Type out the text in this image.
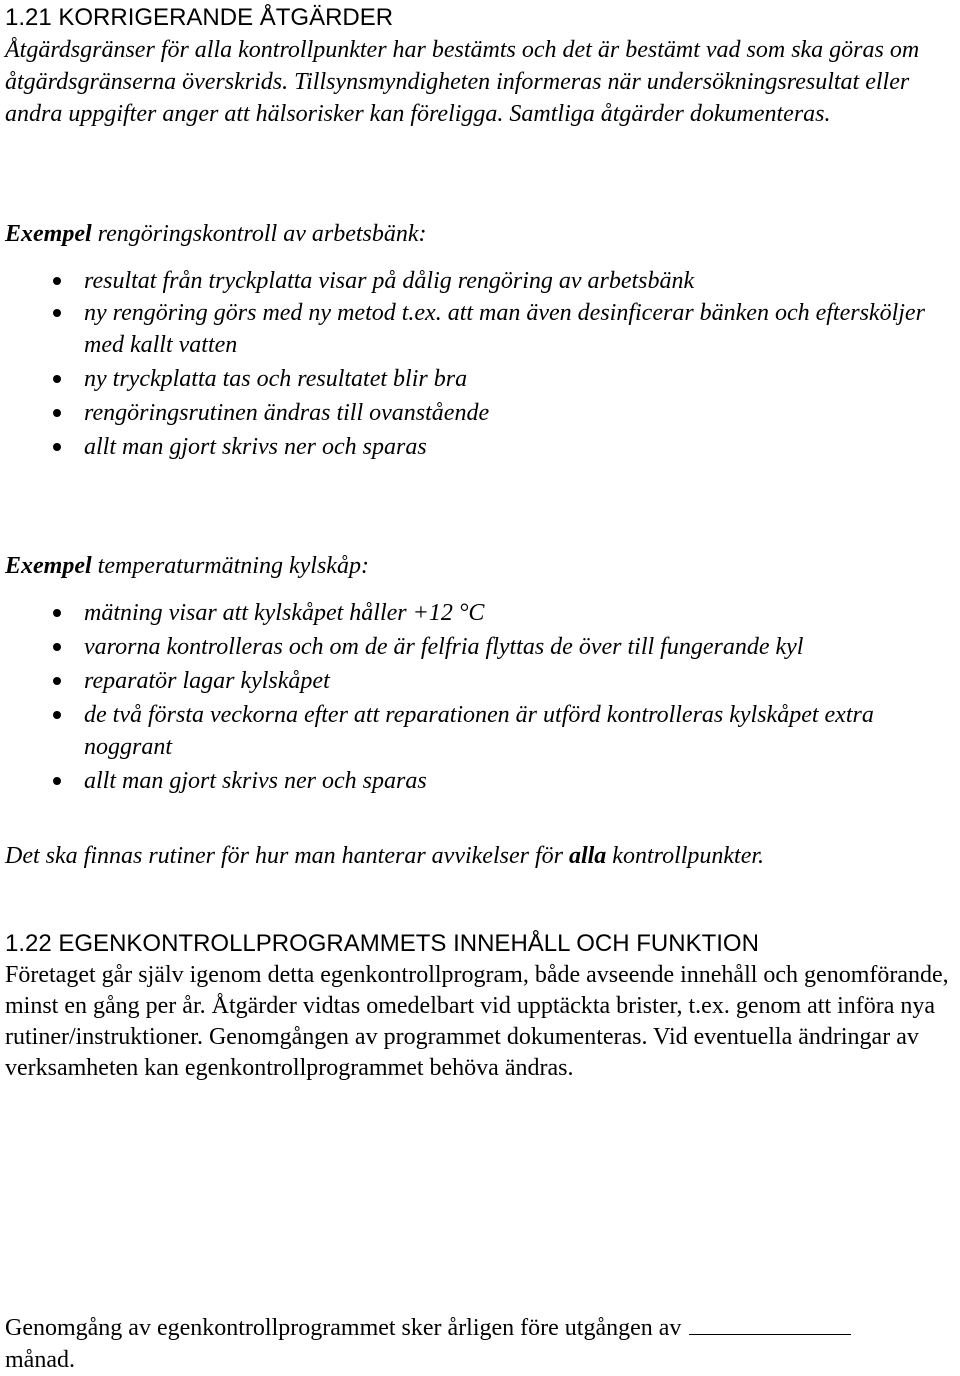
1.21 KORRIGERANDE ÅTGÄRDER

Åtgärdsgränser för alla kontrollpunkter har bestämts och det är bestämt vad som ska göras om åtgärdsgränserna överskrids. Tillsynsmyndigheten informeras när undersökningsresultat eller andra uppgifter anger att hälsorisker kan föreligga. Samtliga åtgärder dokumenteras.

Exempel rengöringskontroll av arbetsbänk:

resultat från tryckplatta visar på dålig rengöring av arbetsbänk
ny rengöring görs med ny metod t.ex. att man även desinficerar bänken och eftersköljer med kallt vatten
ny tryckplatta tas och resultatet blir bra
rengöringsrutinen ändras till ovanstående
allt man gjort skrivs ner och sparas

Exempel temperaturmätning kylskåp:

mätning visar att kylskåpet håller +12 °C
varorna kontrolleras och om de är felfria flyttas de över till fungerande kyl
reparatör lagar kylskåpet
de två första veckorna efter att reparationen är utförd kontrolleras kylskåpet extra noggrant
allt man gjort skrivs ner och sparas

Det ska finnas rutiner för hur man hanterar avvikelser för alla kontrollpunkter.

1.22 EGENKONTROLLPROGRAMMETS INNEHÅLL OCH FUNKTION

Företaget går själv igenom detta egenkontrollprogram, både avseende innehåll och genomförande, minst en gång per år. Åtgärder vidtas omedelbart vid upptäckta brister, t.ex. genom att införa nya rutiner/instruktioner. Genomgången av programmet dokumenteras. Vid eventuella ändringar av verksamheten kan egenkontrollprogrammet behöva ändras.

Genomgång av egenkontrollprogrammet sker årligen före utgången av
månad.
